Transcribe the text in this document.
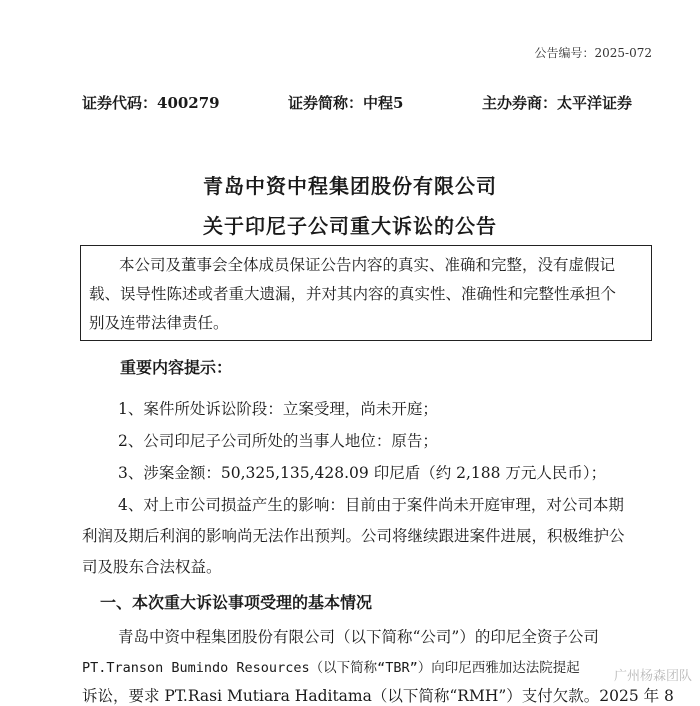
公告编号：2025-072
证券代码：400279	证券简称：中程5	主办券商：太平洋证券
青岛中资中程集团股份有限公司
关于印尼子公司重大诉讼的公告
本公司及董事会全体成员保证公告内容的真实、准确和完整，没有虚假记
载、误导性陈述或者重大遗漏，并对其内容的真实性、准确性和完整性承担个
别及连带法律责任。
重要内容提示：
1、案件所处诉讼阶段：立案受理，尚未开庭；
2、公司印尼子公司所处的当事人地位：原告；
3、涉案金额：50,325,135,428.09 印尼盾（约 2,188 万元人民币）；
4、对上市公司损益产生的影响：目前由于案件尚未开庭审理，对公司本期
利润及期后利润的影响尚无法作出预判。公司将继续跟进案件进展，积极维护公
司及股东合法权益。
一、本次重大诉讼事项受理的基本情况
青岛中资中程集团股份有限公司（以下简称“公司”）的印尼全资子公司
PT.Transon Bumindo Resources（以下简称“TBR”）向印尼西雅加达法院提起
诉讼，要求 PT.Rasi Mutiara Haditama（以下简称“RMH”）支付欠款。2025 年 8
广州杨森团队
